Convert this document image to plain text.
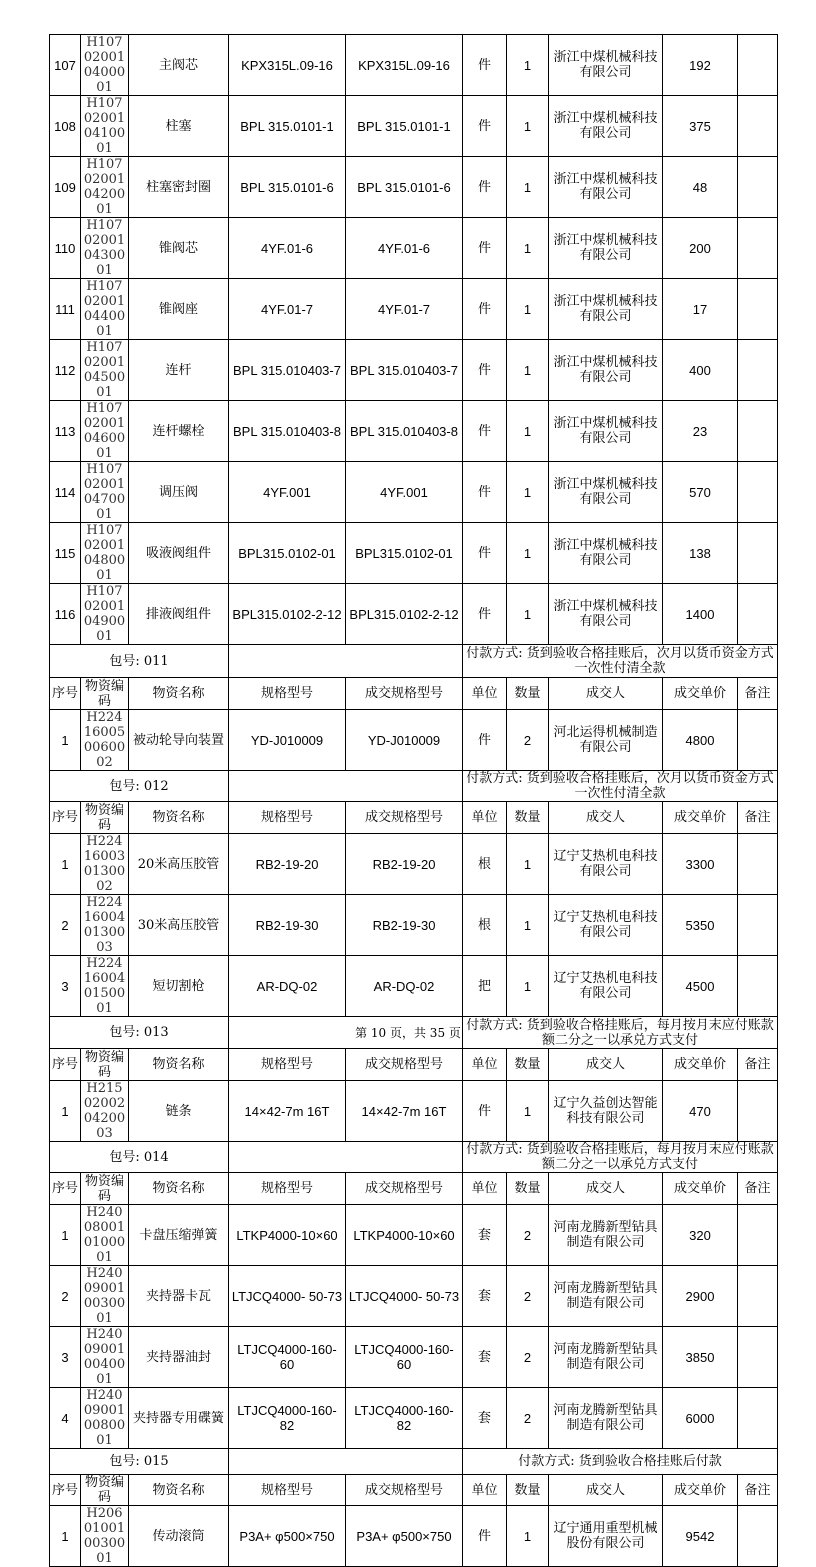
107	H107020010400001	主阀芯	KPX315L.09-16	KPX315L.09-16	件	1	浙江中煤机械科技有限公司	192	
108	H107020010410001	柱塞	BPL 315.0101-1	BPL 315.0101-1	件	1	浙江中煤机械科技有限公司	375	
109	H107020010420001	柱塞密封圈	BPL 315.0101-6	BPL 315.0101-6	件	1	浙江中煤机械科技有限公司	48	
110	H107020010430001	锥阀芯	4YF.01-6	4YF.01-6	件	1	浙江中煤机械科技有限公司	200	
111	H107020010440001	锥阀座	4YF.01-7	4YF.01-7	件	1	浙江中煤机械科技有限公司	17	
112	H107020010450001	连杆	BPL 315.010403-7	BPL 315.010403-7	件	1	浙江中煤机械科技有限公司	400	
113	H107020010460001	连杆螺栓	BPL 315.010403-8	BPL 315.010403-8	件	1	浙江中煤机械科技有限公司	23	
114	H107020010470001	调压阀	4YF.001	4YF.001	件	1	浙江中煤机械科技有限公司	570	
115	H107020010480001	吸液阀组件	BPL315.0102-01	BPL315.0102-01	件	1	浙江中煤机械科技有限公司	138	
116	H107020010490001	排液阀组件	BPL315.0102-2-12	BPL315.0102-2-12	件	1	浙江中煤机械科技有限公司	1400	
包号: 011					付款方式: 货到验收合格挂账后，次月以货币资金方式一次性付清全款				
序号	物资编码	物资名称	规格型号	成交规格型号	单位	数量	成交人	成交单价	备注
1	H224160050060002	被动轮导向装置	YD-J010009	YD-J010009	件	2	河北运得机械制造有限公司	4800	
包号: 012					付款方式: 货到验收合格挂账后，次月以货币资金方式一次性付清全款				
序号	物资编码	物资名称	规格型号	成交规格型号	单位	数量	成交人	成交单价	备注
1	H224160030130002	20米高压胶管	RB2-19-20	RB2-19-20	根	1	辽宁艾热机电科技有限公司	3300	
2	H224160040130003	30米高压胶管	RB2-19-30	RB2-19-30	根	1	辽宁艾热机电科技有限公司	5350	
3	H224160040150001	短切割枪	AR-DQ-02	AR-DQ-02	把	1	辽宁艾热机电科技有限公司	4500	
包号: 013					付款方式: 货到验收合格挂账后，每月按月末应付账款额二分之一以承兑方式支付				
序号	物资编码	物资名称	规格型号	成交规格型号	单位	数量	成交人	成交单价	备注
1	H215020020420003	链条	14×42-7m 16T	14×42-7m 16T	件	1	辽宁久益创达智能科技有限公司	470	
包号: 014					付款方式: 货到验收合格挂账后，每月按月末应付账款额二分之一以承兑方式支付				
序号	物资编码	物资名称	规格型号	成交规格型号	单位	数量	成交人	成交单价	备注
1	H240080010100001	卡盘压缩弹簧	LTKP4000-10×60	LTKP4000-10×60	套	2	河南龙腾新型钻具制造有限公司	320	
2	H240090010030001	夹持器卡瓦	LTJCQ4000- 50-73	LTJCQ4000- 50-73	套	2	河南龙腾新型钻具制造有限公司	2900	
3	H240090010040001	夹持器油封	LTJCQ4000-160-60	LTJCQ4000-160-60	套	2	河南龙腾新型钻具制造有限公司	3850	
4	H240090010080001	夹持器专用碟簧	LTJCQ4000-160-82	LTJCQ4000-160-82	套	2	河南龙腾新型钻具制造有限公司	6000	
包号: 015					付款方式: 货到验收合格挂账后付款				
序号	物资编码	物资名称	规格型号	成交规格型号	单位	数量	成交人	成交单价	备注
1	H206010010030001	传动滚筒	P3A+ φ500×750	P3A+ φ500×750	件	1	辽宁通用重型机械股份有限公司	9542	
第 10 页，共 35 页
